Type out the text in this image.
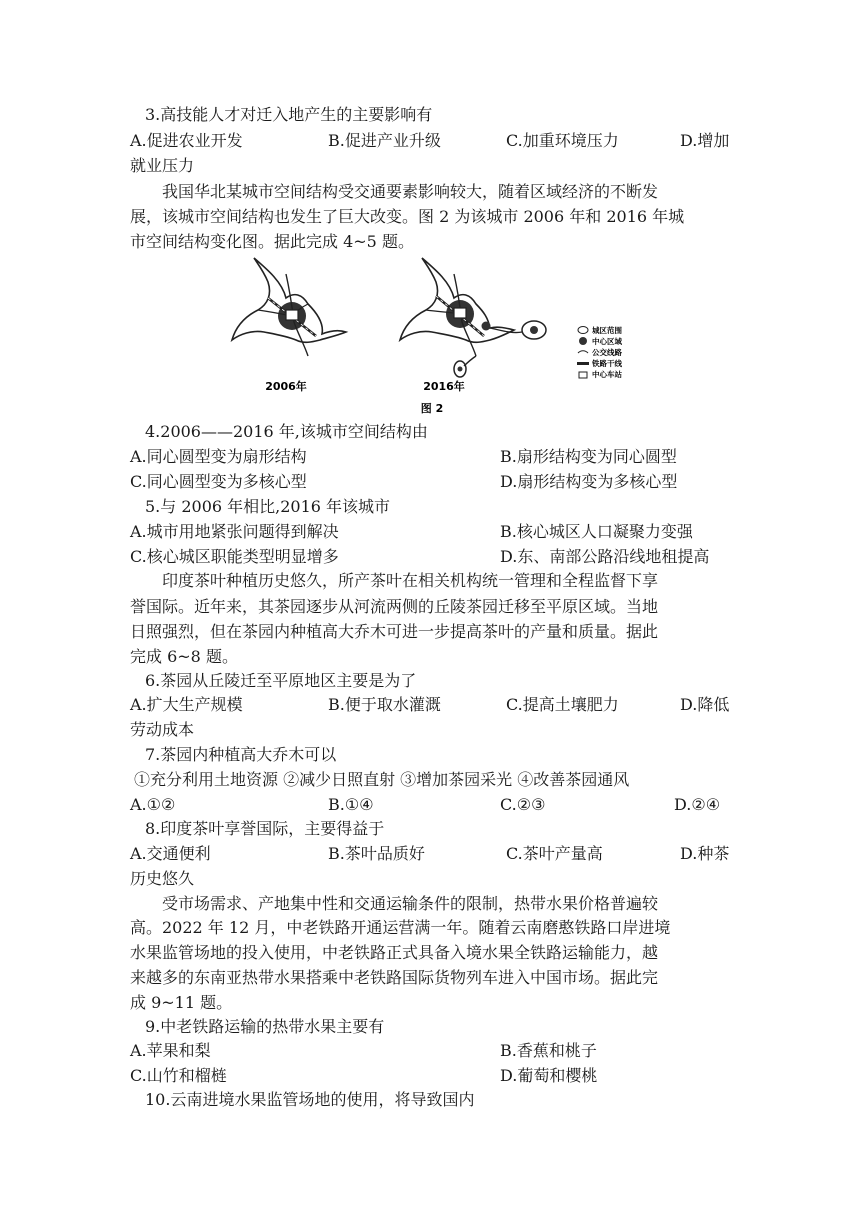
3.高技能人才对迁入地产生的主要影响有
A.促进农业开发	B.促进产业升级	C.加重环境压力	D.增加
就业压力
我国华北某城市空间结构受交通要素影响较大，随着区域经济的不断发
展，该城市空间结构也发生了巨大改变。图 2 为该城市 2006 年和 2016 年城
市空间结构变化图。据此完成 4~5 题。
2006年	2016年
城区范围
中心区域
公交线路
铁路干线
中心车站
图 2
4.2006——2016 年,该城市空间结构由
A.同心圆型变为扇形结构	B.扇形结构变为同心圆型
C.同心圆型变为多核心型	D.扇形结构变为多核心型
5.与 2006 年相比,2016 年该城市
A.城市用地紧张问题得到解决	B.核心城区人口凝聚力变强
C.核心城区职能类型明显增多	D.东、南部公路沿线地租提高
印度茶叶种植历史悠久，所产茶叶在相关机构统一管理和全程监督下享
誉国际。近年来，其茶园逐步从河流两侧的丘陵茶园迁移至平原区域。当地
日照强烈，但在茶园内种植高大乔木可进一步提高茶叶的产量和质量。据此
完成 6~8 题。
6.茶园从丘陵迁至平原地区主要是为了
A.扩大生产规模	B.便于取水灌溉	C.提高土壤肥力	D.降低
劳动成本
7.茶园内种植高大乔木可以
①充分利用土地资源 ②减少日照直射 ③增加茶园采光 ④改善茶园通风
A.①②	B.①④	C.②③	D.②④
8.印度茶叶享誉国际，主要得益于
A.交通便利	B.茶叶品质好	C.茶叶产量高	D.种茶
历史悠久
受市场需求、产地集中性和交通运输条件的限制，热带水果价格普遍较
高。2022 年 12 月，中老铁路开通运营满一年。随着云南磨憨铁路口岸进境
水果监管场地的投入使用，中老铁路正式具备入境水果全铁路运输能力，越
来越多的东南亚热带水果搭乘中老铁路国际货物列车进入中国市场。据此完
成 9~11 题。
9.中老铁路运输的热带水果主要有
A.苹果和梨	B.香蕉和桃子
C.山竹和榴梿	D.葡萄和樱桃
10.云南进境水果监管场地的使用，将导致国内
